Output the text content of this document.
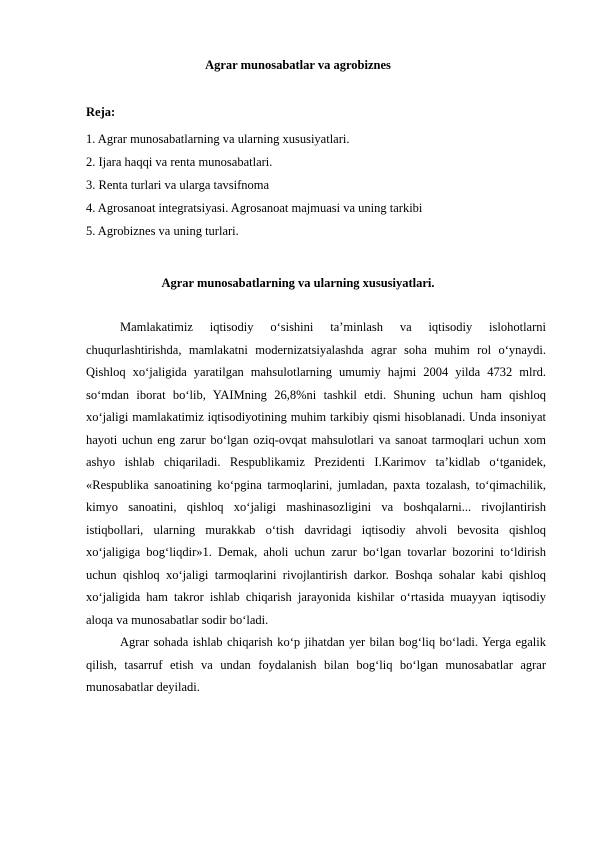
Agrar munosabatlar va agrobiznes
Reja:
1. Agrar munosabatlarning va ularning xususiyatlari.
2. Ijara haqqi va renta munosabatlari.
3. Renta turlari va ularga tavsifnoma
4. Agrosanoat integratsiyasi. Agrosanoat majmuasi va uning tarkibi
5. Agrobiznes va uning turlari.
Agrar munosabatlarning va ularning xususiyatlari.

Mamlakatimiz iqtisodiy o‘sishini ta’minlash va iqtisodiy islohotlarni chuqurlashtirishda, mamlakatni modernizatsiyalashda agrar soha muhim rol o‘ynaydi. Qishloq xo‘jaligida yaratilgan mahsulotlarning umumiy hajmi 2004 yilda 4732 mlrd. so‘mdan iborat bo‘lib, YAIMning 26,8%ni tashkil etdi. Shuning uchun ham qishloq xo‘jaligi mamlakatimiz iqtisodiyotining muhim tarkibiy qismi hisoblanadi. Unda insoniyat hayoti uchun eng zarur bo‘lgan oziq-ovqat mahsulotlari va sanoat tarmoqlari uchun xom ashyo ishlab chiqariladi. Respublikamiz Prezidenti I.Karimov ta’kidlab o‘tganidek, «Respublika sanoatining ko‘pgina tarmoqlarini, jumladan, paxta tozalash, to‘qimachilik, kimyo sanoatini, qishloq xo‘jaligi mashinasozligini va boshqalarni... rivojlantirish istiqbollari, ularning murakkab o‘tish davridagi iqtisodiy ahvoli bevosita qishloq xo‘jaligiga bog‘liqdir»1. Demak, aholi uchun zarur bo‘lgan tovarlar bozorini to‘ldirish uchun qishloq xo‘jaligi tarmoqlarini rivojlantirish darkor. Boshqa sohalar kabi qishloq xo‘jaligida ham takror ishlab chiqarish jarayonida kishilar o‘rtasida muayyan iqtisodiy aloqa va munosabatlar sodir bo‘ladi.

Agrar sohada ishlab chiqarish ko‘p jihatdan yer bilan bog‘liq bo‘ladi. Yerga egalik qilish, tasarruf etish va undan foydalanish bilan bog‘liq bo‘lgan munosabatlar agrar munosabatlar deyiladi.
